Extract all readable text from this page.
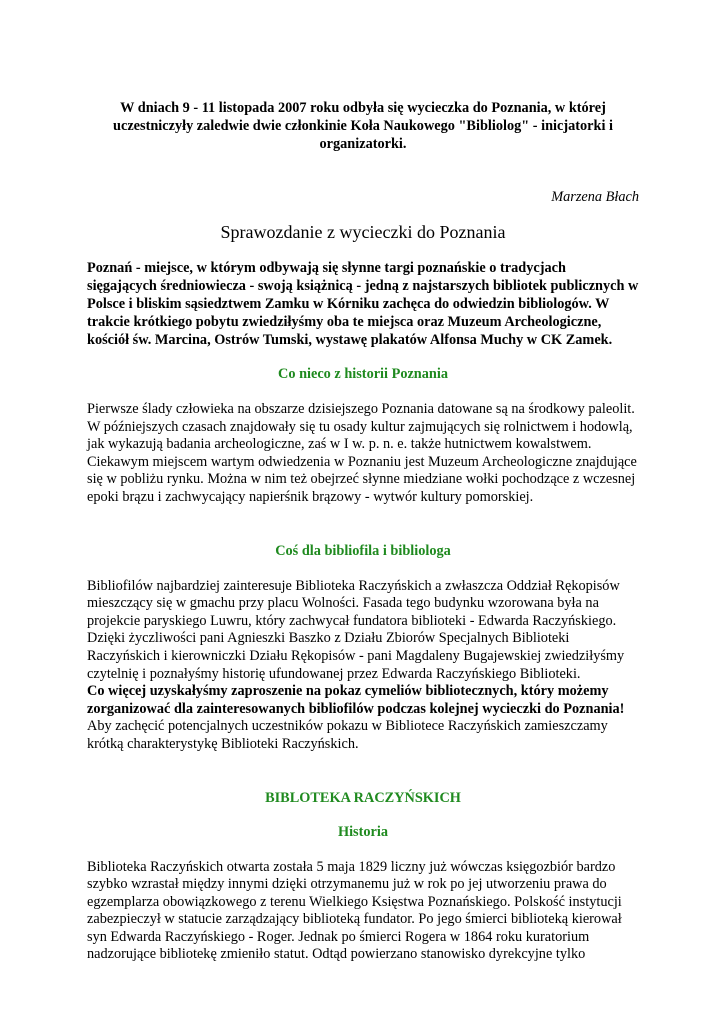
W dniach 9 - 11 listopada 2007 roku odbyła się wycieczka do Poznania, w której uczestniczyły zaledwie dwie członkinie Koła Naukowego "Bibliolog" - inicjatorki i organizatorki.

Marzena Błach

Sprawozdanie z wycieczki do Poznania

Poznań - miejsce, w którym odbywają się słynne targi poznańskie o tradycjach sięgających średniowiecza - swoją książnicą - jedną z najstarszych bibliotek publicznych w Polsce i bliskim sąsiedztwem Zamku w Kórniku zachęca do odwiedzin bibliologów. W trakcie krótkiego pobytu zwiedziłyśmy oba te miejsca oraz Muzeum Archeologiczne, kościół św. Marcina, Ostrów Tumski, wystawę plakatów Alfonsa Muchy w CK Zamek.

Co nieco z historii Poznania

Pierwsze ślady człowieka na obszarze dzisiejszego Poznania datowane są na środkowy paleolit. W późniejszych czasach znajdowały się tu osady kultur zajmujących się rolnictwem i hodowlą, jak wykazują badania archeologiczne, zaś w I w. p. n. e. także hutnictwem kowalstwem. Ciekawym miejscem wartym odwiedzenia w Poznaniu jest Muzeum Archeologiczne znajdujące się w pobliżu rynku. Można w nim też obejrzeć słynne miedziane wołki pochodzące z wczesnej epoki brązu i zachwycający napierśnik brązowy - wytwór kultury pomorskiej.

Coś dla bibliofila i bibliologa
Bibliofilów najbardziej zainteresuje Biblioteka Raczyńskich a zwłaszcza Oddział Rękopisów mieszczący się w gmachu przy placu Wolności. Fasada tego budynku wzorowana była na projekcie paryskiego Luwru, który zachwycał fundatora biblioteki - Edwarda Raczyńskiego. Dzięki życzliwości pani Agnieszki Baszko z Działu Zbiorów Specjalnych Biblioteki Raczyńskich i kierowniczki Działu Rękopisów - pani Magdaleny Bugajewskiej zwiedziłyśmy czytelnię i poznałyśmy historię ufundowanej przez Edwarda Raczyńskiego Biblioteki.
Co więcej uzyskałyśmy zaproszenie na pokaz cymeliów bibliotecznych, który możemy zorganizować dla zainteresowanych bibliofilów podczas kolejnej wycieczki do Poznania!
Aby zachęcić potencjalnych uczestników pokazu w Bibliotece Raczyńskich zamieszczamy krótką charakterystykę Biblioteki Raczyńskich.
BIBLOTEKA RACZYŃSKICH
Historia

Biblioteka Raczyńskich otwarta została 5 maja 1829 liczny już wówczas księgozbiór bardzo szybko wzrastał między innymi dzięki otrzymanemu już w rok po jej utworzeniu prawa do egzemplarza obowiązkowego z terenu Wielkiego Księstwa Poznańskiego. Polskość instytucji zabezpieczył w statucie zarządzający biblioteką fundator. Po jego śmierci biblioteką kierował syn Edwarda Raczyńskiego - Roger. Jednak po śmierci Rogera w 1864 roku kuratorium nadzorujące bibliotekę zmieniło statut. Odtąd powierzano stanowisko dyrekcyjne tylko
